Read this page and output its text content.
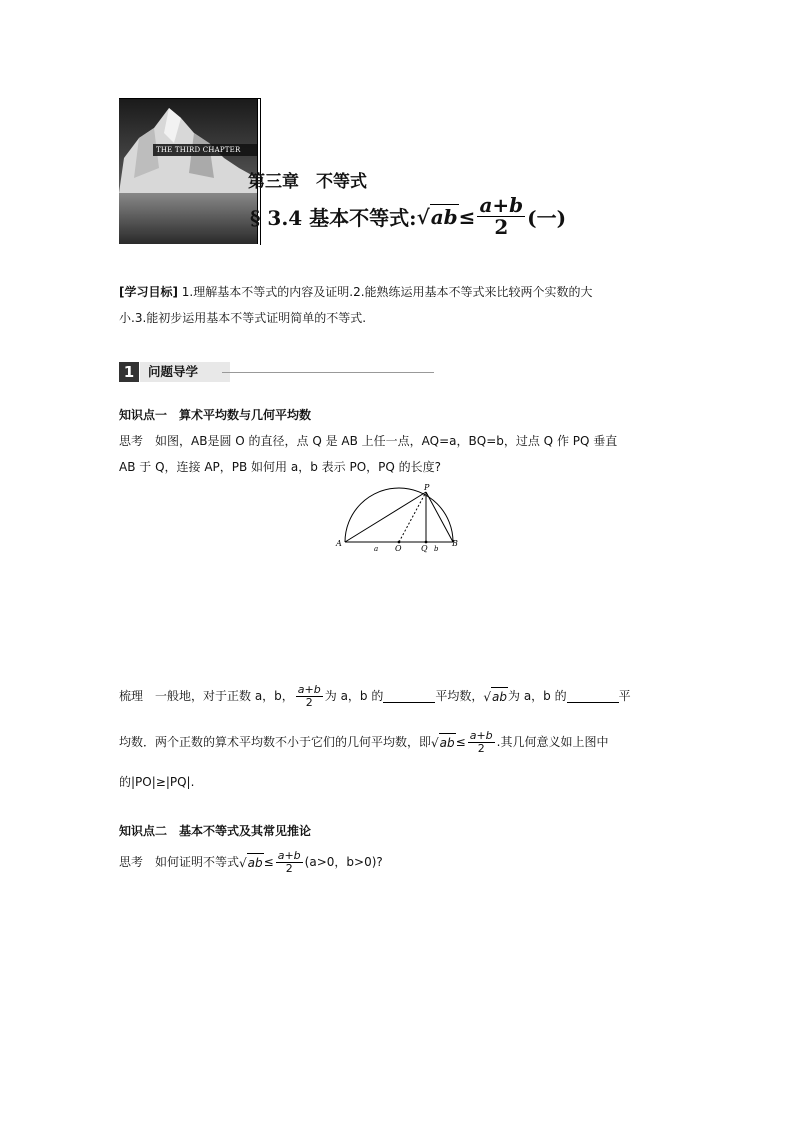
THE THIRD CHAPTER
第三章　不等式
§ 3.4 基本不等式: √ ab ≤ $\frac{a+b}{2}$ (一)
[学习目标] 1.理解基本不等式的内容及证明.2.能熟练运用基本不等式来比较两个实数的大
小.3.能初步运用基本不等式证明简单的不等式.
1	问题导学
知识点一　算术平均数与几何平均数
思考　如图，AB是圆 O 的直径，点 Q 是 AB 上任一点，AQ=a，BQ=b，过点 Q 作 PQ 垂直
AB 于 Q，连接 AP，PB 如何用 a，b 表示 PO，PQ 的长度?
A
a O Q b
B
P
梳理　一般地，对于正数 a，b， $\frac{a+b}{2}$ 为 a，b 的	平均数， √ ab 为 a，b 的	平
均数．两个正数的算术平均数不小于它们的几何平均数，即 √ ab ≤ $\frac{a+b}{2}$ .其几何意义如上图中
的|PO|≥|PQ|.
知识点二　基本不等式及其常见推论
思考　如何证明不等式 √ ab ≤ $\frac{a+b}{2} (a>0$，b>0)?
